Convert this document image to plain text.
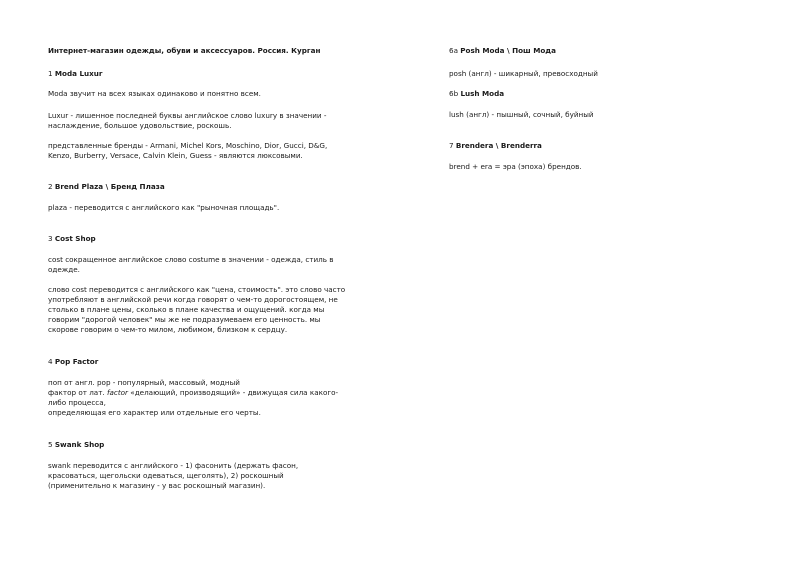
Интернет-магазин одежды, обуви и аксессуаров. Россия. Курган
1 Moda Luxur
Moda звучит на всех языках одинаково и понятно всем.
Luxur - лишенное последней буквы английское слово luxury в значении -
наслаждение, большое удовольствие, роскошь.
представленные бренды - Armani, Michel Kors, Moschino, Dior, Gucci, D&G,
Kenzo, Burberry, Versace, Calvin Klein, Guess - являются люксовыми.
2 Brend Plaza \ Бренд Плаза
plaza - переводится с английского как "рыночная площадь".
3 Cost Shop
cost сокращенное английское слово costume в значении - одежда, стиль в
одежде.
слово cost переводится с английского как "цена, стоимость". это слово часто
употребляют в английской речи когда говорят о чем-то дорогостоящем, не
столько в плане цены, сколько в плане качества и ощущений. когда мы
говорим "дорогой человек" мы же не подразумеваем его ценность. мы
скорове говорим о чем-то милом, любимом, близком к сердцу.
4 Pop Factor
поп от англ. pop - популярный, массовый, модный
фактор от лат. factor «делающий, производящий» - движущая сила какого-
либо процесса,
определяющая его характер или отдельные его черты.
5 Swank Shop
swank переводится с английского - 1) фасонить (держать фасон,
красоваться, щегольски одеваться, щеголять), 2) роскошный
(применительно к магазину - у вас роскошный магазин).
6a Posh Moda \ Пош Мода
posh (англ) - шикарный, превосходный
6b Lush Moda
lush (англ) - пышный, сочный, буйный
7 Brendera \ Brenderra
brend + era = эра (эпоха) брендов.
